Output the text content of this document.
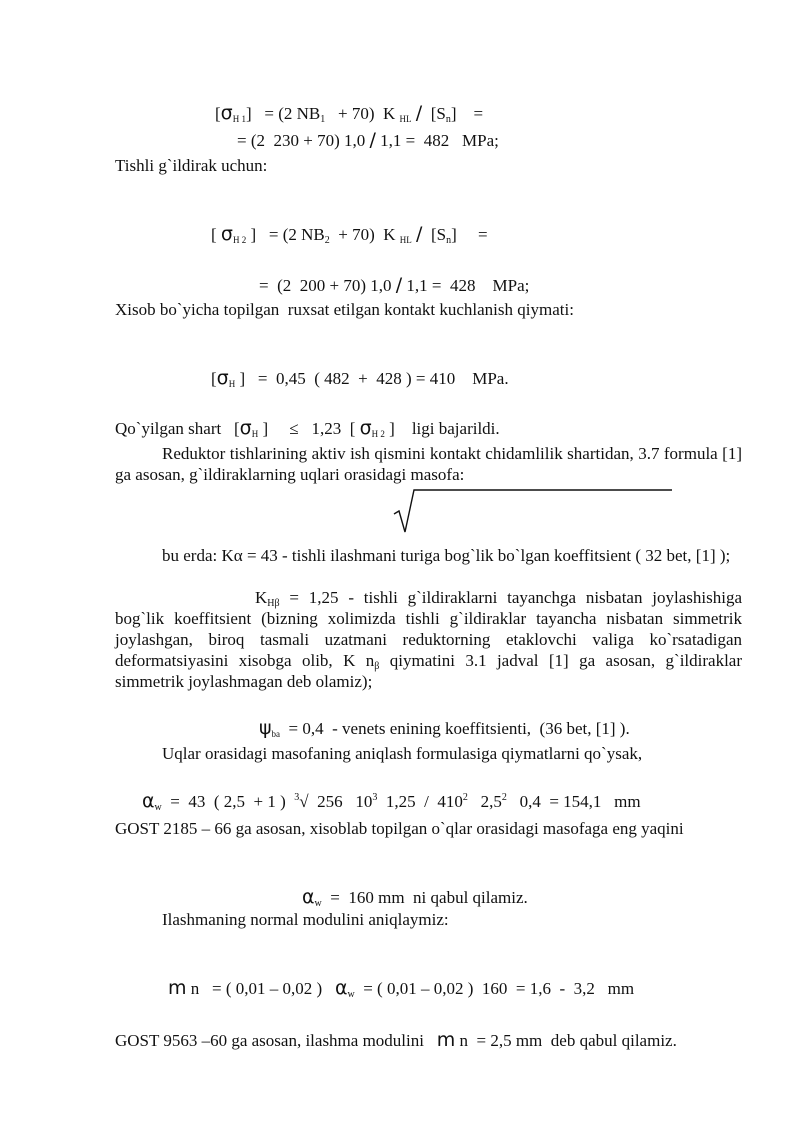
$[\sigma_{H 1}] = (2$ $NB_1 + 70$)  K $_{HL} / [S_n]$    =

= (2  230 + 70) 1,0 / 1,1 =  482   MPa;

Tishli g`ildirak uchun:

[ $\sigma_{H 2}$ ]   = (2 $NB_2 + 70$)  K $_{HL} / [S_n]$     =

=  (2  200 + 70) 1,0 / 1,1 =  428    MPa;

Xisob bo`yicha topilgan  ruxsat etilgan kontakt kuchlanish qiymati:

[$\sigma_H$ ]   =  0,45  ( 482  +  428 ) = 410    MPa.

Qo`yilgan shart   [$\sigma_H$ ]     ≤   1,23  [ $\sigma_{H 2}$ ]    ligi bajarildi.

Reduktor tishlarining aktiv ish qismini kontakt chidamlilik shartidan, 3.7 formula [1] ga asosan, g`ildiraklarning uqlari orasidagi masofa:
bu erda: Kα = 43 - tishli ilashmani turiga bog`lik bo`lgan koeffitsient ( 32 bet, [1] );
$K_{H\beta} = 1,25$ - tishli g`ildiraklarni tayanchga nisbatan joylashishiga bog`lik koeffitsient (bizning xolimizda tishli g`ildiraklar tayancha nisbatan simmetrik joylashgan, biroq tasmali uzatmani reduktorning etaklovchi valiga ko`rsatadigan deformatsiyasini xisobga olib, K $n_\beta$ qiymatini 3.1 jadval [1] ga asosan, g`ildiraklar simmetrik joylashmagan deb olamiz);

$\psi_{ba} = 0,4$  - venets enining koeffitsienti,  (36 bet, [1] ).

Uqlar orasidagi masofaning aniqlash formulasiga qiymatlarni qo`ysak,

$\alpha_w = 43$  ( 2,5  + 1 )  $^3$√  256   $10^3$  $1,25 / 410^2$   $2,5^2$   0,4  = 154,1   mm

GOST 2185 – 66 ga asosan, xisoblab topilgan o`qlar orasidagi masofaga eng yaqini

$\alpha_w = 160$ mm  ni qabul qilamiz.

Ilashmaning normal modulini aniqlaymiz:

m n   = ( 0,01 – 0,02 )   $\alpha_w$  = ( 0,01 – 0,02 )  160  = 1,6  -  3,2   mm

GOST 9563 –60 ga asosan, ilashma modulini   m n  = 2,5 mm  deb qabul qilamiz.
